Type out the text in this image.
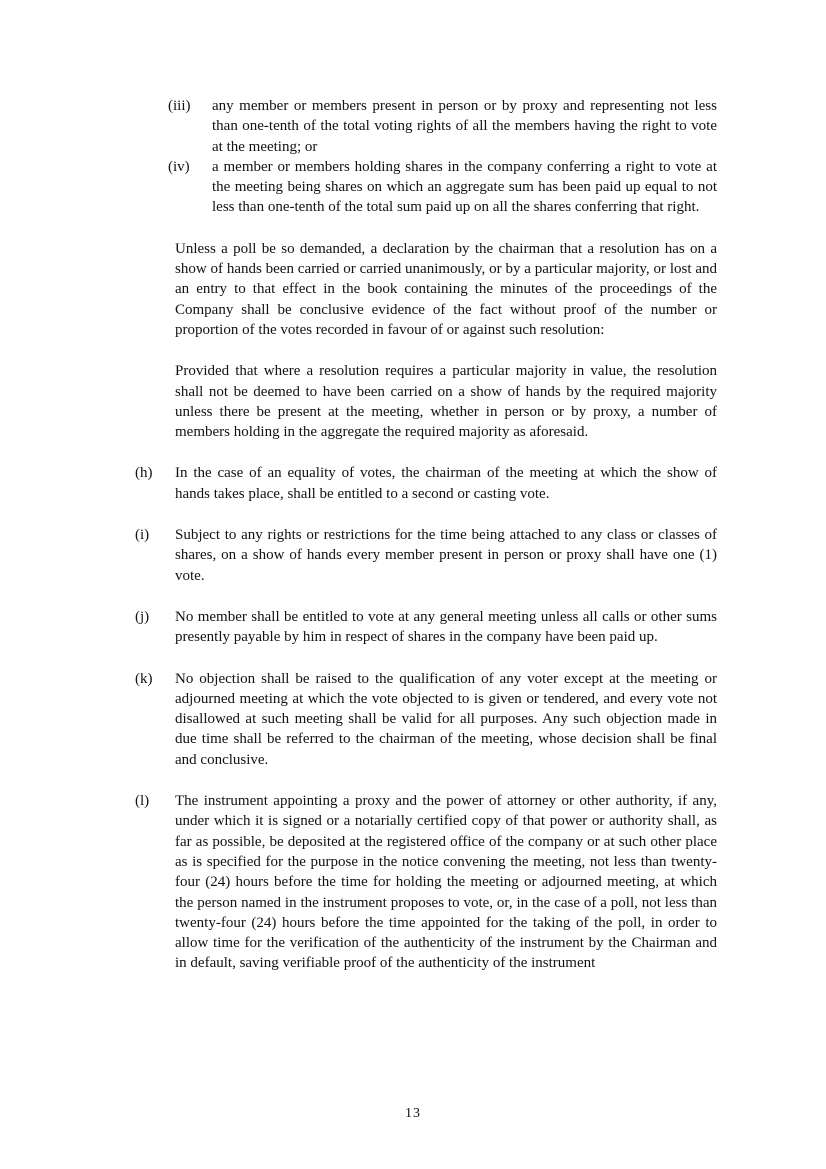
(iii)	any member or members present in person or by proxy and representing not less than one-tenth of the total voting rights of all the members having the right to vote at the meeting; or
(iv)	a member or members holding shares in the company conferring a right to vote at the meeting being shares on which an aggregate sum has been paid up equal to not less than one-tenth of the total sum paid up on all the shares conferring that right.

Unless a poll be so demanded, a declaration by the chairman that a resolution has on a show of hands been carried or carried unanimously, or by a particular majority, or lost and an entry to that effect in the book containing the minutes of the proceedings of the Company shall be conclusive evidence of the fact without proof of the number or proportion of the votes recorded in favour of or against such resolution:

Provided that where a resolution requires a particular majority in value, the resolution shall not be deemed to have been carried on a show of hands by the required majority unless there be present at the meeting, whether in person or by proxy, a number of members holding in the aggregate the required majority as aforesaid.

(h)	In the case of an equality of votes, the chairman of the meeting at which the show of hands takes place, shall be entitled to a second or casting vote.
(i)	Subject to any rights or restrictions for the time being attached to any class or classes of shares, on a show of hands every member present in person or proxy shall have one (1) vote.
(j)	No member shall be entitled to vote at any general meeting unless all calls or other sums presently payable by him in respect of shares in the company have been paid up.
(k)	No objection shall be raised to the qualification of any voter except at the meeting or adjourned meeting at which the vote objected to is given or tendered, and every vote not disallowed at such meeting shall be valid for all purposes. Any such objection made in due time shall be referred to the chairman of the meeting, whose decision shall be final and conclusive.
(l)	The instrument appointing a proxy and the power of attorney or other authority, if any, under which it is signed or a notarially certified copy of that power or authority shall, as far as possible, be deposited at the registered office of the company or at such other place as is specified for the purpose in the notice convening the meeting, not less than twenty-four (24) hours before the time for holding the meeting or adjourned meeting, at which the person named in the instrument proposes to vote, or, in the case of a poll, not less than twenty-four (24) hours before the time appointed for the taking of the poll, in order to allow time for the verification of the authenticity of the instrument by the Chairman and in default, saving verifiable proof of the authenticity of the instrument
13
